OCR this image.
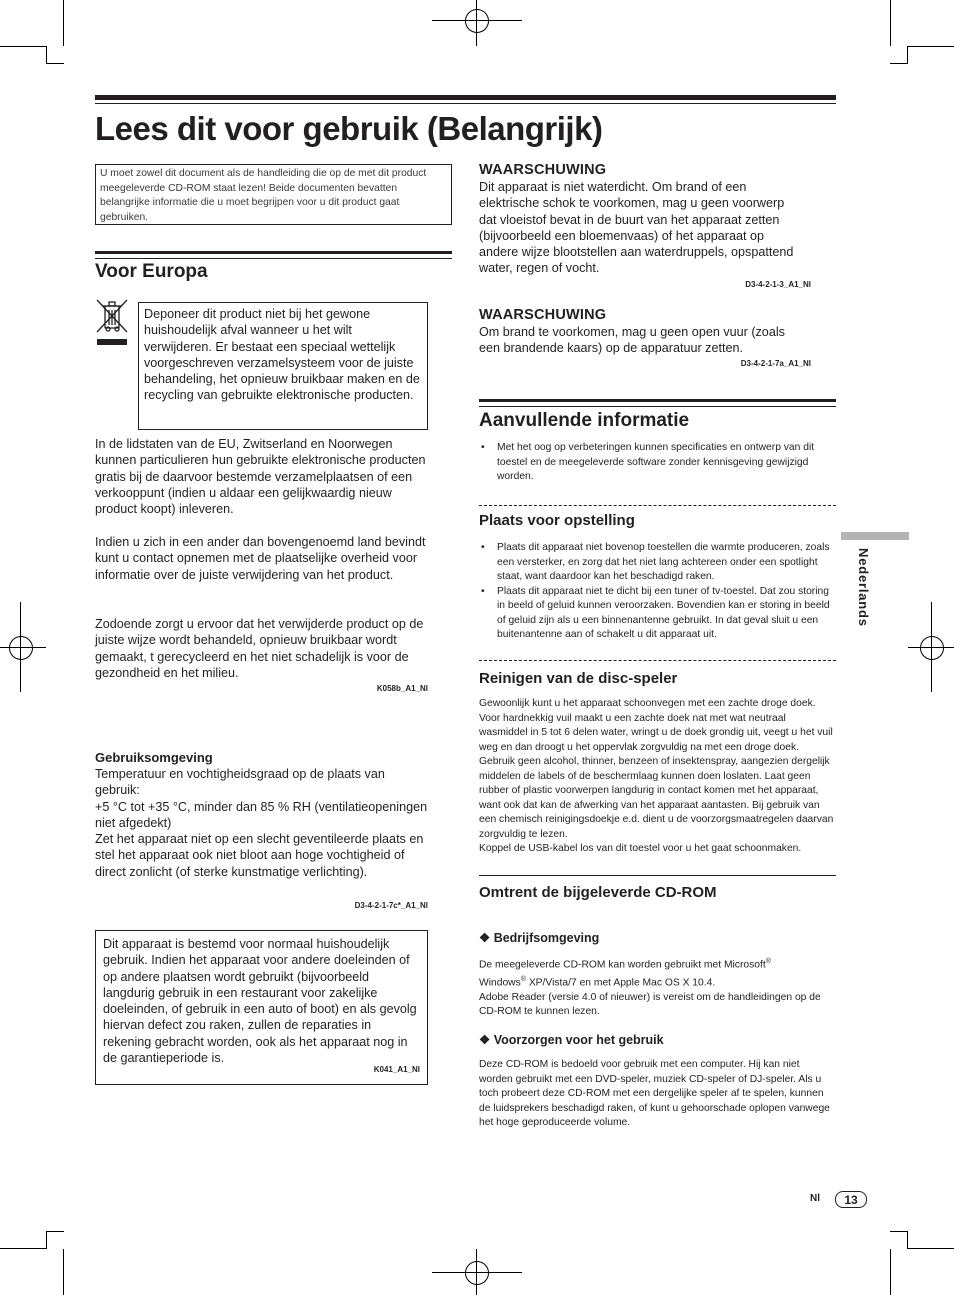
Lees dit voor gebruik (Belangrijk)
U moet zowel dit document als de handleiding die op de met dit product meegeleverde CD-ROM staat lezen! Beide documenten bevatten belangrijke informatie die u moet begrijpen voor u dit product gaat gebruiken.
Voor Europa
Deponeer dit product niet bij het gewone huishoudelijk afval wanneer u het wilt verwijderen. Er bestaat een speciaal wettelijk voorgeschreven verzamelsysteem voor de juiste behandeling, het opnieuw bruikbaar maken en de recycling van gebruikte elektronische producten.
In de lidstaten van de EU, Zwitserland en Noorwegen kunnen particulieren hun gebruikte elektronische producten gratis bij de daarvoor bestemde verzamelplaatsen of een verkooppunt (indien u aldaar een gelijkwaardig nieuw product koopt) inleveren.
Indien u zich in een ander dan bovengenoemd land bevindt kunt u contact opnemen met de plaatselijke overheid voor informatie over de juiste verwijdering van het product.
Zodoende zorgt u ervoor dat het verwijderde product op de juiste wijze wordt behandeld, opnieuw bruikbaar wordt gemaakt, t gerecycleerd en het niet schadelijk is voor de gezondheid en het milieu.
K058b_A1_Nl
Gebruiksomgeving
Temperatuur en vochtigheidsgraad op de plaats van gebruik:
+5 °C tot +35 °C, minder dan 85 % RH (ventilatieopeningen niet afgedekt)
Zet het apparaat niet op een slecht geventileerde plaats en stel het apparaat ook niet bloot aan hoge vochtigheid of direct zonlicht (of sterke kunstmatige verlichting).
D3-4-2-1-7c*_A1_Nl
Dit apparaat is bestemd voor normaal huishoudelijk gebruik. Indien het apparaat voor andere doeleinden of op andere plaatsen wordt gebruikt (bijvoorbeeld langdurig gebruik in een restaurant voor zakelijke doeleinden, of gebruik in een auto of boot) en als gevolg hiervan defect zou raken, zullen de reparaties in rekening gebracht worden, ook als het apparaat nog in de garantieperiode is.
K041_A1_Nl
WAARSCHUWING
Dit apparaat is niet waterdicht. Om brand of een elektrische schok te voorkomen, mag u geen voorwerp dat vloeistof bevat in de buurt van het apparaat zetten (bijvoorbeeld een bloemenvaas) of het apparaat op andere wijze blootstellen aan waterdruppels, opspattend water, regen of vocht.
D3-4-2-1-3_A1_Nl
WAARSCHUWING
Om brand te voorkomen, mag u geen open vuur (zoals een brandende kaars) op de apparatuur zetten.
D3-4-2-1-7a_A1_Nl
Aanvullende informatie
• Met het oog op verbeteringen kunnen specificaties en ontwerp van dit toestel en de meegeleverde software zonder kennisgeving gewijzigd worden.
Plaats voor opstelling
• Plaats dit apparaat niet bovenop toestellen die warmte produceren, zoals een versterker, en zorg dat het niet lang achtereen onder een spotlight staat, want daardoor kan het beschadigd raken.
• Plaats dit apparaat niet te dicht bij een tuner of tv-toestel. Dat zou storing in beeld of geluid kunnen veroorzaken. Bovendien kan er storing in beeld of geluid zijn als u een binnenantenne gebruikt. In dat geval sluit u een buitenantenne aan of schakelt u dit apparaat uit.
Reinigen van de disc-speler
Gewoonlijk kunt u het apparaat schoonvegen met een zachte droge doek. Voor hardnekkig vuil maakt u een zachte doek nat met wat neutraal wasmiddel in 5 tot 6 delen water, wringt u de doek grondig uit, veegt u het vuil weg en dan droogt u het oppervlak zorgvuldig na met een droge doek. Gebruik geen alcohol, thinner, benzeen of insektenspray, aangezien dergelijk middelen de labels of de beschermlaag kunnen doen loslaten. Laat geen rubber of plastic voorwerpen langdurig in contact komen met het apparaat, want ook dat kan de afwerking van het apparaat aantasten. Bij gebruik van een chemisch reinigingsdoekje e.d. dient u de voorzorgsmaatregelen daarvan zorgvuldig te lezen.
Koppel de USB-kabel los van dit toestel voor u het gaat schoonmaken.
Omtrent de bijgeleverde CD-ROM
❖ Bedrijfsomgeving
De meegeleverde CD-ROM kan worden gebruikt met Microsoft®
Windows® XP/Vista/7 en met Apple Mac OS X 10.4.
Adobe Reader (versie 4.0 of nieuwer) is vereist om de handleidingen op de CD-ROM te kunnen lezen.
❖ Voorzorgen voor het gebruik
Deze CD-ROM is bedoeld voor gebruik met een computer. Hij kan niet worden gebruikt met een DVD-speler, muziek CD-speler of DJ-speler. Als u toch probeert deze CD-ROM met een dergelijke speler af te spelen, kunnen de luidsprekers beschadigd raken, of kunt u gehoorschade oplopen vanwege het hoge geproduceerde volume.
Nederlands
Nl	13
